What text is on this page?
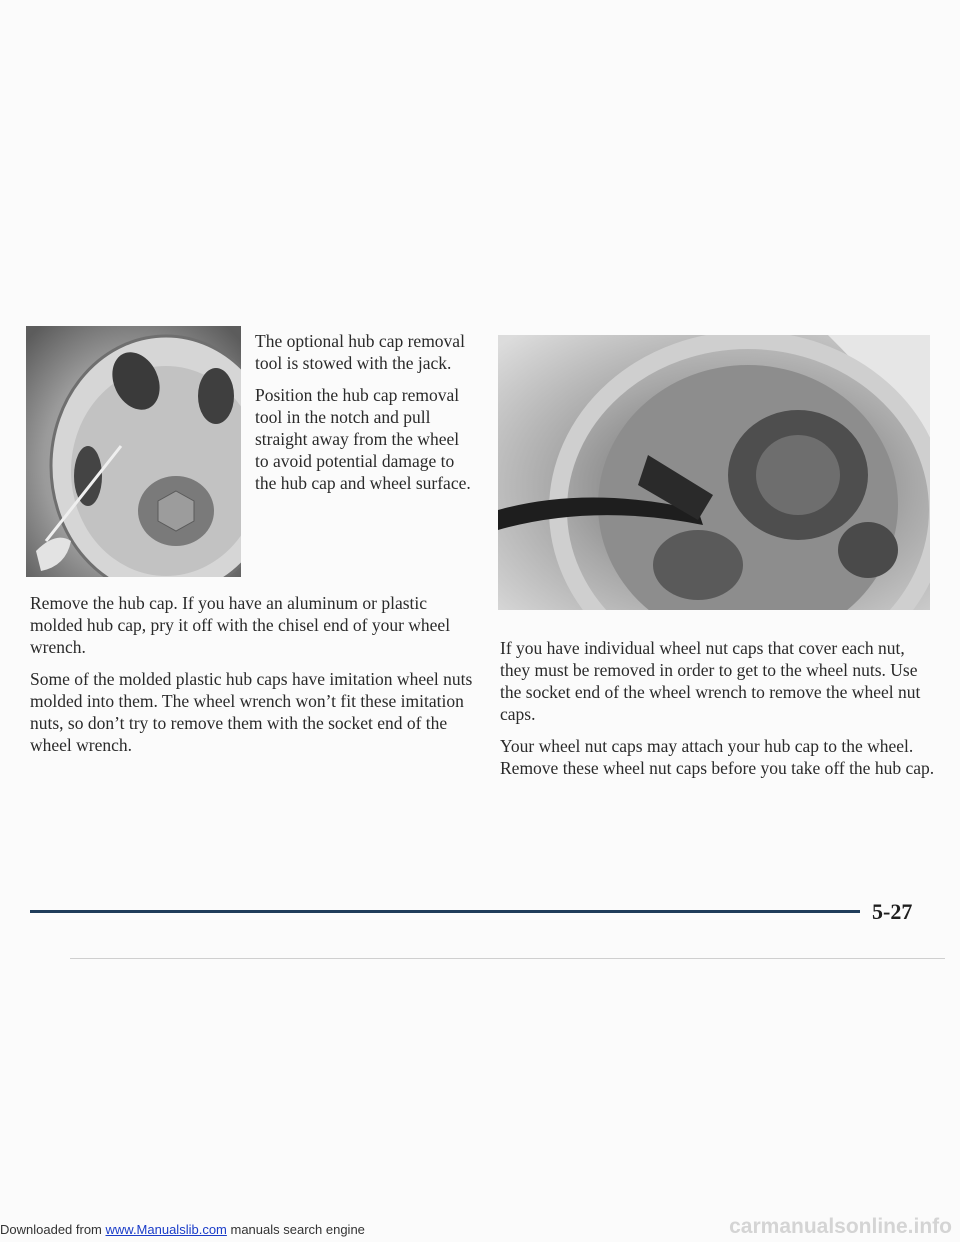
The optional hub cap removal tool is stowed with the jack.

Position the hub cap removal tool in the notch and pull straight away from the wheel to avoid potential damage to the hub cap and wheel surface.

Remove the hub cap. If you have an aluminum or plastic molded hub cap, pry it off with the chisel end of your wheel wrench.

Some of the molded plastic hub caps have imitation wheel nuts molded into them. The wheel wrench won’t fit these imitation nuts, so don’t try to remove them with the socket end of the wheel wrench.

If you have individual wheel nut caps that cover each nut, they must be removed in order to get to the wheel nuts. Use the socket end of the wheel wrench to remove the wheel nut caps.

Your wheel nut caps may attach your hub cap to the wheel. Remove these wheel nut caps before you take off the hub cap.

5-27
Downloaded from www.Manualslib.com manuals search engine	carmanualsonline.info
